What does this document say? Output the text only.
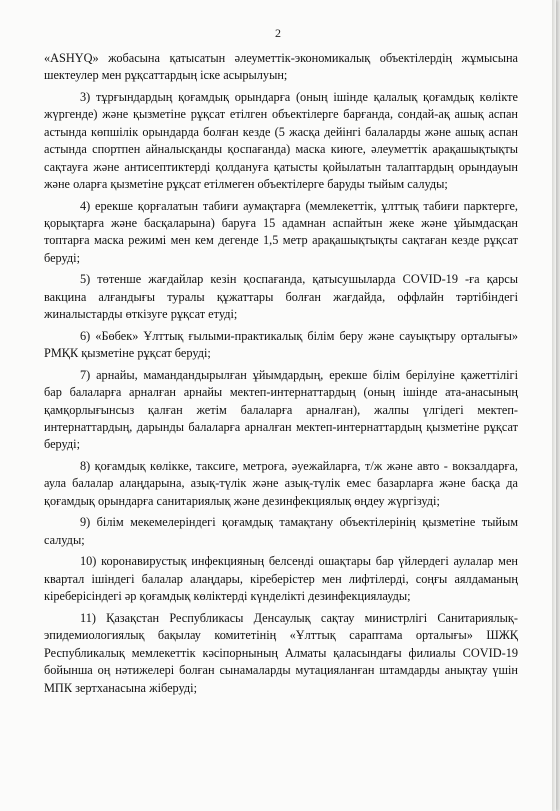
2

«ASHYQ» жобасына қатысатын әлеуметтік-экономикалық объектілердің жұмысына шектеулер мен рұқсаттардың іске асырылуын;

3) тұрғындардың қоғамдық орындарға (оның ішінде қалалық қоғамдық көлікте жүргенде) және қызметіне рұқсат етілген объектілерге барғанда, сондай-ақ ашық аспан астында көпшілік орындарда болған кезде (5 жасқа дейінгі балаларды және ашық аспан астында спортпен айналысқанды қоспағанда) маска киюге, әлеуметтік арақашықтықты сақтауға және антисептиктерді қолдануға қатысты қойылатын талаптардың орындауын және оларға қызметіне рұқсат етілмеген объектілерге баруды тыйым салуды;

4) ерекше қорғалатын табиғи аумақтарға (мемлекеттік, ұлттық табиғи парктерге, қорықтарға және басқаларына) баруға 15 адамнан аспайтын жеке және ұйымдасқан топтарға маска режимі мен кем дегенде 1,5 метр арақашықтықты сақтаған кезде рұқсат беруді;

5) төтенше жағдайлар кезін қоспағанда, қатысушыларда COVID-19 -ға қарсы вакцина алғандығы туралы құжаттары болған жағдайда, оффлайн тәртібіндегі жиналыстарды өткізуге рұқсат етуді;

6) «Бөбек» Ұлттық ғылыми-практикалық білім беру және сауықтыру орталығы» РМҚК қызметіне рұқсат беруді;

7) арнайы, мамандандырылған ұйымдардың, ерекше білім берілуіне қажеттілігі бар балаларға арналған арнайы мектеп-интернаттардың (оның ішінде ата-анасының қамқорлығынсыз қалған жетім балаларға арналған), жалпы үлгідегі мектеп-интернаттардың, дарынды балаларға арналған мектеп-интернаттардың қызметіне рұқсат беруді;

8) қоғамдық көлікке, таксиге, метроға, әуежайларға, т/ж және авто - вокзалдарға, аула балалар алаңдарына, азық-түлік және азық-түлік емес базарларға және басқа да қоғамдық орындарға санитариялық және дезинфекциялық өңдеу жүргізуді;

9) білім мекемелеріндегі қоғамдық тамақтану объектілерінің қызметіне тыйым салуды;

10) коронавирустық инфекцияның белсенді ошақтары бар үйлердегі аулалар мен квартал ішіндегі балалар алаңдары, кіреберістер мен лифтілерді, соңғы аялдаманың кіреберісіндегі әр қоғамдық көліктерді күнделікті дезинфекциялауды;

11) Қазақстан Республикасы Денсаулық сақтау министрлігі Санитариялық-эпидемиологиялық бақылау комитетінің «Ұлттық сараптама орталығы» ШЖҚ Республикалық мемлекеттік кәсіпорнының Алматы қаласындағы филиалы COVID-19 бойынша оң нәтижелері болған сынамаларды мутацияланған штамдарды анықтау үшін МПК зертханасына жіберуді;
